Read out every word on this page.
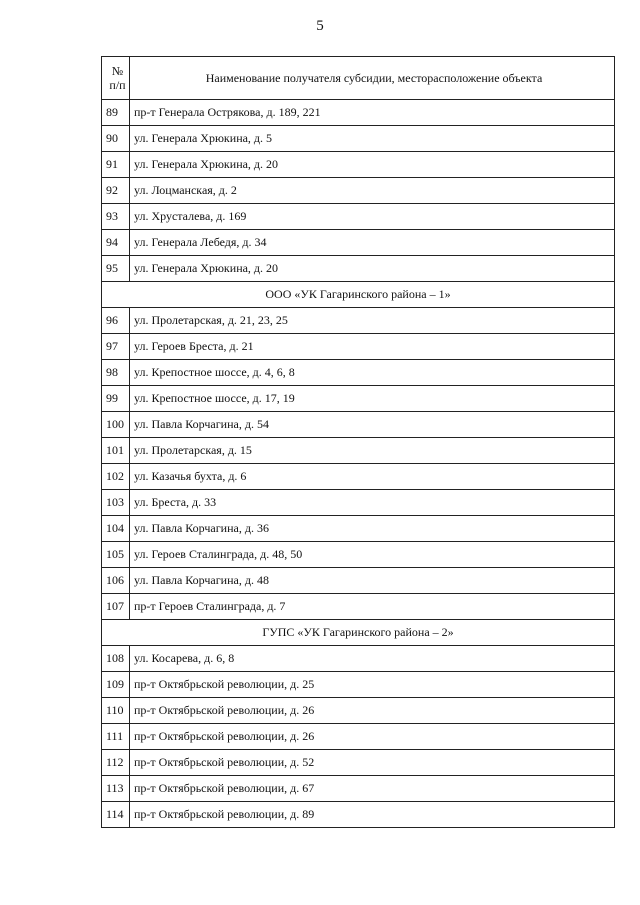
5
№
п/п	Наименование получателя субсидии, месторасположение объекта
89	пр-т Генерала Острякова, д. 189, 221
90	ул. Генерала Хрюкина, д. 5
91	ул. Генерала Хрюкина, д. 20
92	ул. Лоцманская, д. 2
93	ул. Хрусталева, д. 169
94	ул. Генерала Лебедя, д. 34
95	ул. Генерала Хрюкина, д. 20
ООО «УК Гагаринского района – 1»	
96	ул. Пролетарская, д. 21, 23, 25
97	ул. Героев Бреста, д. 21
98	ул. Крепостное шоссе, д. 4, 6, 8
99	ул. Крепостное шоссе, д. 17, 19
100	ул. Павла Корчагина, д. 54
101	ул. Пролетарская, д. 15
102	ул. Казачья бухта, д. 6
103	ул. Бреста, д. 33
104	ул. Павла Корчагина, д. 36
105	ул. Героев Сталинграда, д. 48, 50
106	ул. Павла Корчагина, д. 48
107	пр-т Героев Сталинграда, д. 7
ГУПС «УК Гагаринского района – 2»	
108	ул. Косарева, д. 6, 8
109	пр-т Октябрьской революции, д. 25
110	пр-т Октябрьской революции, д. 26
111	пр-т Октябрьской революции, д. 26
112	пр-т Октябрьской революции, д. 52
113	пр-т Октябрьской революции, д. 67
114	пр-т Октябрьской революции, д. 89
